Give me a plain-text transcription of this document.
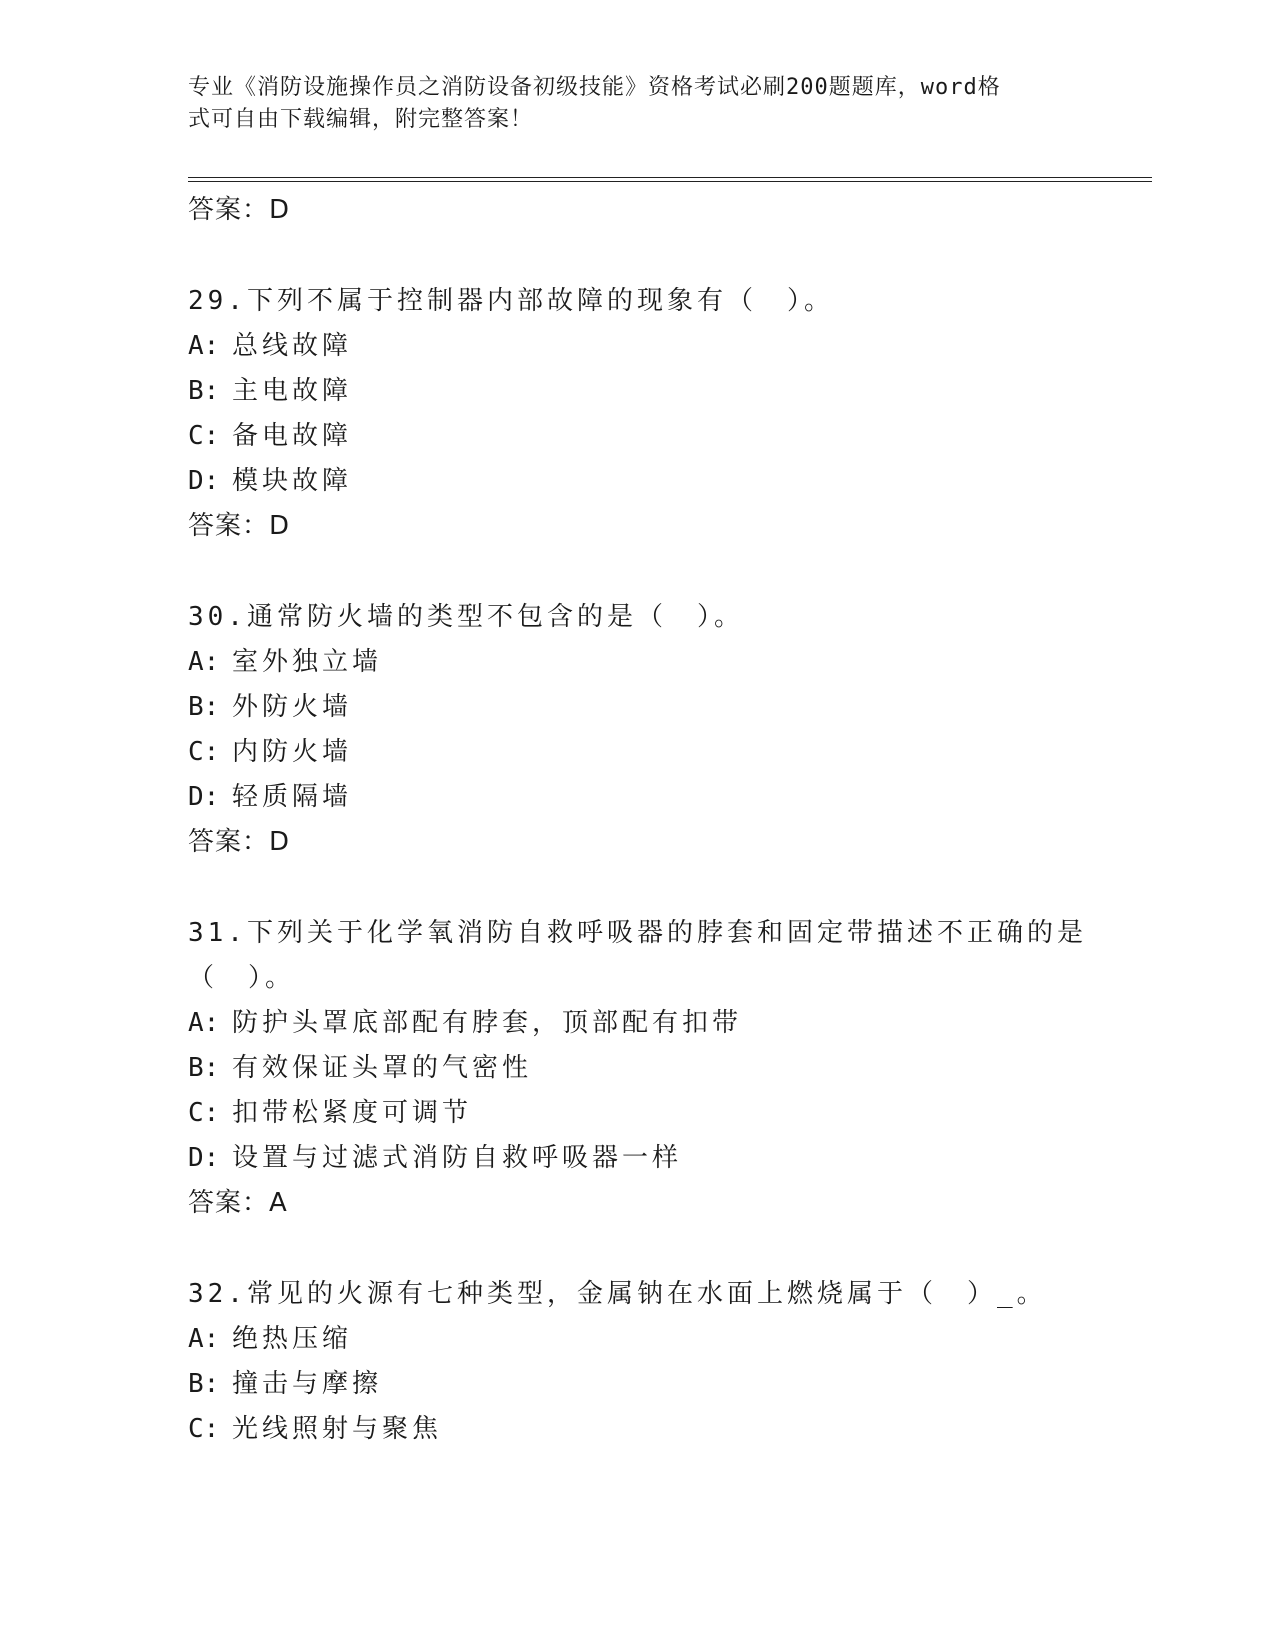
专业《消防设施操作员之消防设备初级技能》资格考试必刷200题题库，word格
式可自由下载编辑，附完整答案！
答案：D
29.下列不属于控制器内部故障的现象有（　）。
A: 总线故障
B: 主电故障
C: 备电故障
D: 模块故障
答案：D
30.通常防火墙的类型不包含的是（　）。
A: 室外独立墙
B: 外防火墙
C: 内防火墙
D: 轻质隔墙
答案：D
31.下列关于化学氧消防自救呼吸器的脖套和固定带描述不正确的是（　）。
A: 防护头罩底部配有脖套，顶部配有扣带
B: 有效保证头罩的气密性
C: 扣带松紧度可调节
D: 设置与过滤式消防自救呼吸器一样
答案：A
32.常见的火源有七种类型，金属钠在水面上燃烧属于（　）_。
A: 绝热压缩
B: 撞击与摩擦
C: 光线照射与聚焦
